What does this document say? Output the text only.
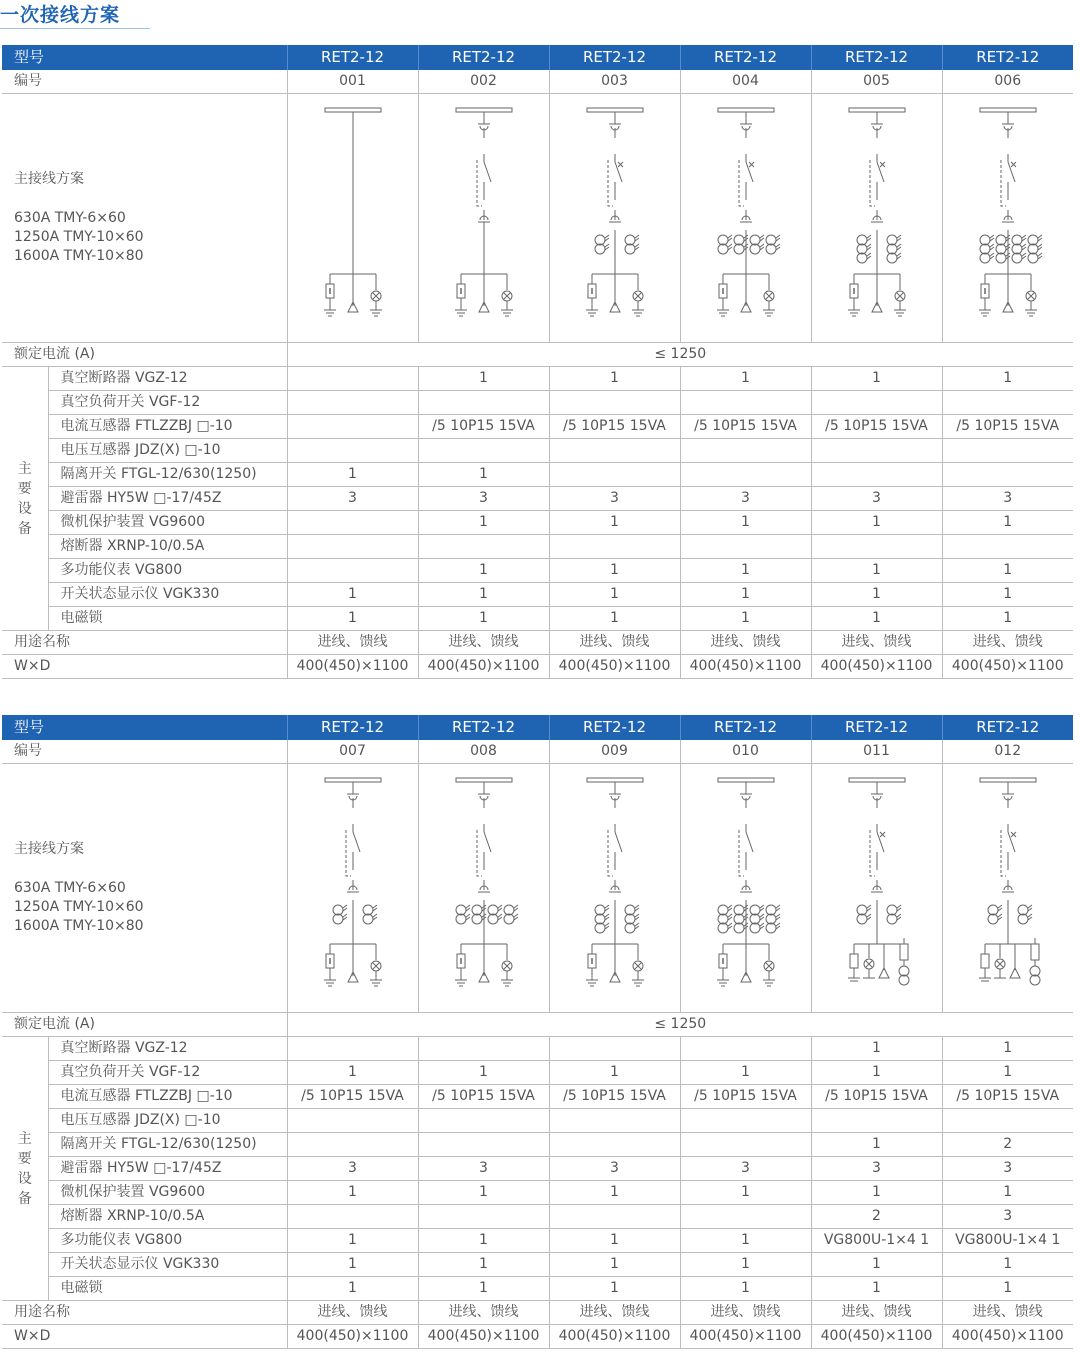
一次接线方案
型号		RET2-12	RET2-12	RET2-12	RET2-12	RET2-12	RET2-12
编号		001	002	003	004	005	006

主接线方案
630A TMY-6×60
1250A TMY-10×60
1600A TMY-10×80

额定电流 (A)		≤ 1250					

主
要
设
备	真空断路器 VGZ-12		1	1	1	1	1
	真空负荷开关 VGF-12						
	电流互感器 FTLZZBJ □-10		/5 10P15 15VA	/5 10P15 15VA	/5 10P15 15VA	/5 10P15 15VA	/5 10P15 15VA
	电压互感器 JDZ(X) □-10						
	隔离开关 FTGL-12/630(1250)	1	1				
	避雷器 HY5W □-17/45Z	3	3	3	3	3	3
	微机保护装置 VG9600		1	1	1	1	1
	熔断器 XRNP-10/0.5A						
	多功能仪表 VG800		1	1	1	1	1
	开关状态显示仪 VGK330	1	1	1	1	1	1
	电磁锁	1	1	1	1	1	1
用途名称		进线、馈线	进线、馈线	进线、馈线	进线、馈线	进线、馈线	进线、馈线
W×D		400(450)×1100	400(450)×1100	400(450)×1100	400(450)×1100	400(450)×1100	400(450)×1100
型号		RET2-12	RET2-12	RET2-12	RET2-12	RET2-12	RET2-12
编号		007	008	009	010	011	012

主接线方案
630A TMY-6×60
1250A TMY-10×60
1600A TMY-10×80

额定电流 (A)		≤ 1250					

主
要
设
备	真空断路器 VGZ-12					1	1
	真空负荷开关 VGF-12	1	1	1	1	1	1
	电流互感器 FTLZZBJ □-10	/5 10P15 15VA	/5 10P15 15VA	/5 10P15 15VA	/5 10P15 15VA	/5 10P15 15VA	/5 10P15 15VA
	电压互感器 JDZ(X) □-10						
	隔离开关 FTGL-12/630(1250)					1	2
	避雷器 HY5W □-17/45Z	3	3	3	3	3	3
	微机保护装置 VG9600	1	1	1	1	1	1
	熔断器 XRNP-10/0.5A					2	3
	多功能仪表 VG800	1	1	1	1	VG800U-1×4 1	VG800U-1×4 1
	开关状态显示仪 VGK330	1	1	1	1	1	1
	电磁锁	1	1	1	1	1	1
用途名称		进线、馈线	进线、馈线	进线、馈线	进线、馈线	进线、馈线	进线、馈线
W×D		400(450)×1100	400(450)×1100	400(450)×1100	400(450)×1100	400(450)×1100	400(450)×1100
